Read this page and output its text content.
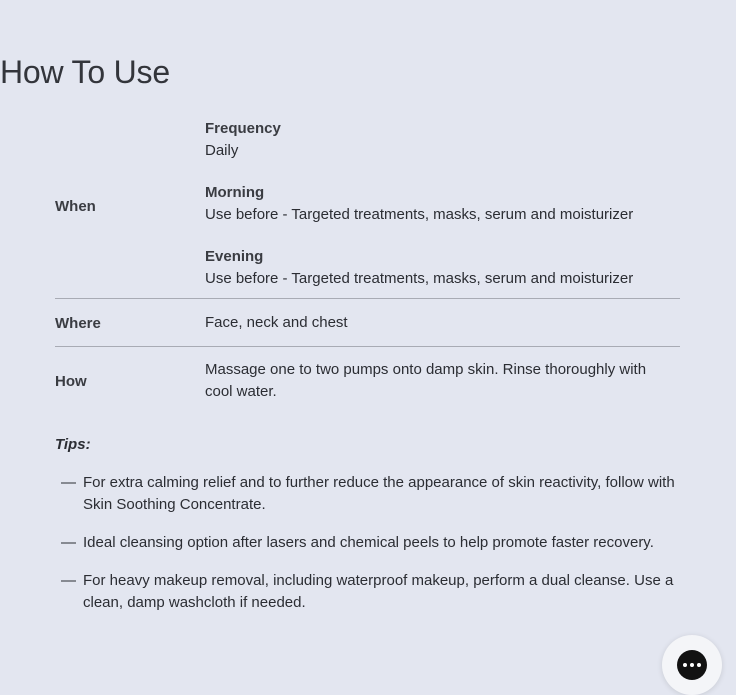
How To Use
When
Frequency
Daily
Morning
Use before - Targeted treatments, masks, serum and moisturizer
Evening
Use before - Targeted treatments, masks, serum and moisturizer
Where	Face, neck and chest
How
Massage one to two pumps onto damp skin. Rinse thoroughly with cool water.
Tips:
— For extra calming relief and to further reduce the appearance of skin reactivity, follow with Skin Soothing Concentrate.
— Ideal cleansing option after lasers and chemical peels to help promote faster recovery.
— For heavy makeup removal, including waterproof makeup, perform a dual cleanse. Use a clean, damp washcloth if needed.
